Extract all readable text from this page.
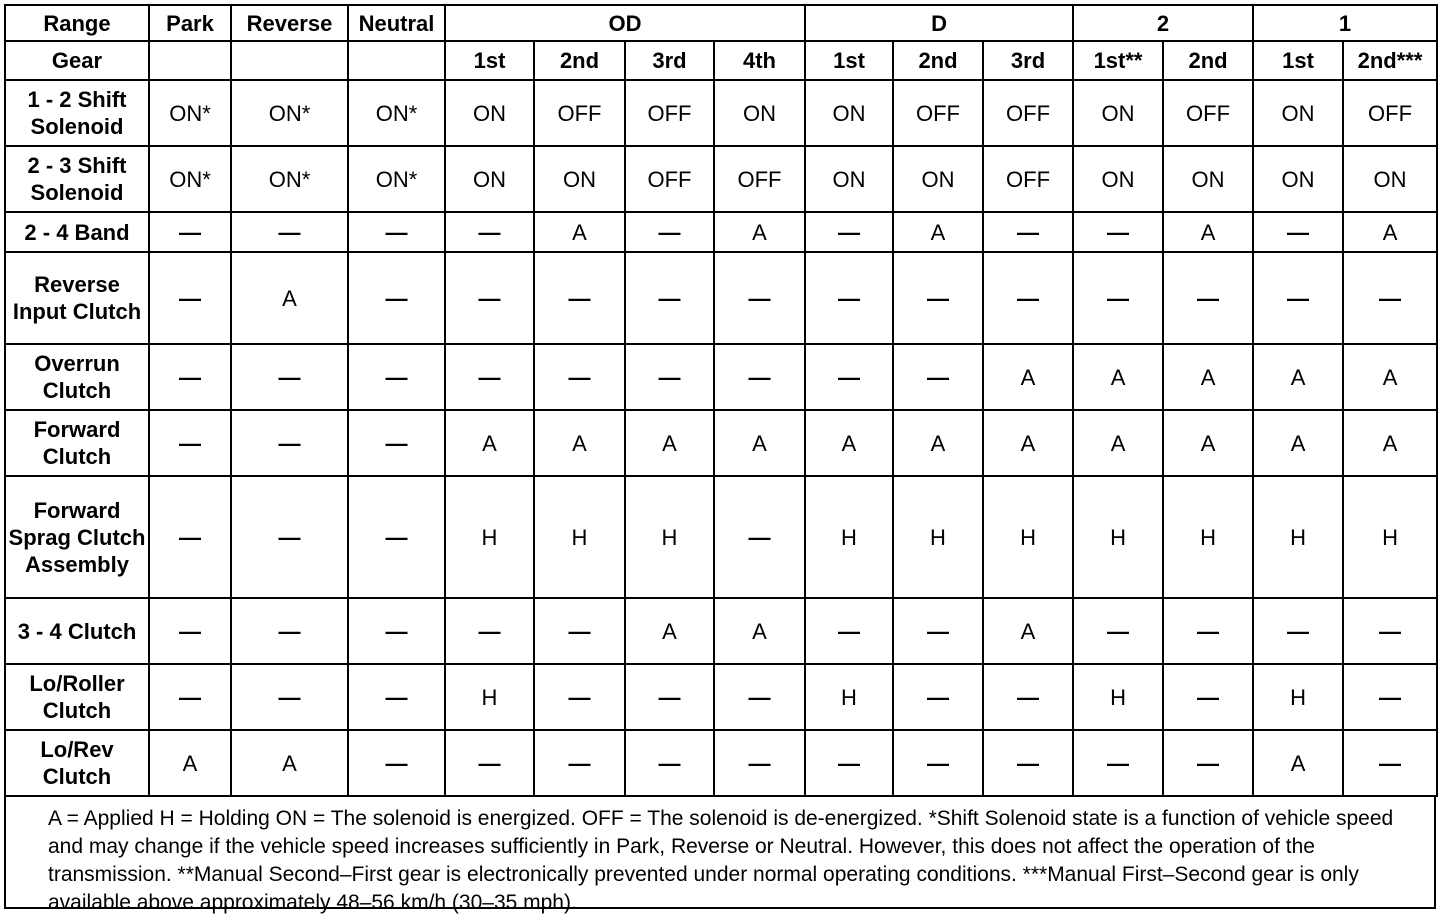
Range	Park	Reverse	Neutral	OD				D			2		1	
Gear				1st	2nd	3rd	4th	1st	2nd	3rd	1st**	2nd	1st	2nd***
1 - 2 Shift Solenoid	ON*	ON*	ON*	ON	OFF	OFF	ON	ON	OFF	OFF	ON	OFF	ON	OFF
2 - 3 Shift Solenoid	ON*	ON*	ON*	ON	ON	OFF	OFF	ON	ON	OFF	ON	ON	ON	ON
2 - 4 Band	—	—	—	—	A	—	A	—	A	—	—	A	—	A
Reverse Input Clutch	—	A	—	—	—	—	—	—	—	—	—	—	—	—
Overrun Clutch	—	—	—	—	—	—	—	—	—	A	A	A	A	A
Forward Clutch	—	—	—	A	A	A	A	A	A	A	A	A	A	A
Forward Sprag Clutch Assembly	—	—	—	H	H	H	—	H	H	H	H	H	H	H
3 - 4 Clutch	—	—	—	—	—	A	A	—	—	A	—	—	—	—
Lo/Roller Clutch	—	—	—	H	—	—	—	H	—	—	H	—	H	—
Lo/Rev Clutch	A	A	—	—	—	—	—	—	—	—	—	—	A	—
A = Applied H = Holding ON = The solenoid is energized. OFF = The solenoid is de-energized. *Shift Solenoid state is a function of vehicle speed and may change if the vehicle speed increases sufficiently in Park, Reverse or Neutral. However, this does not affect the operation of the transmission. **Manual Second–First gear is electronically prevented under normal operating conditions. ***Manual First–Second gear is only available above approximately 48–56 km/h (30–35 mph).
